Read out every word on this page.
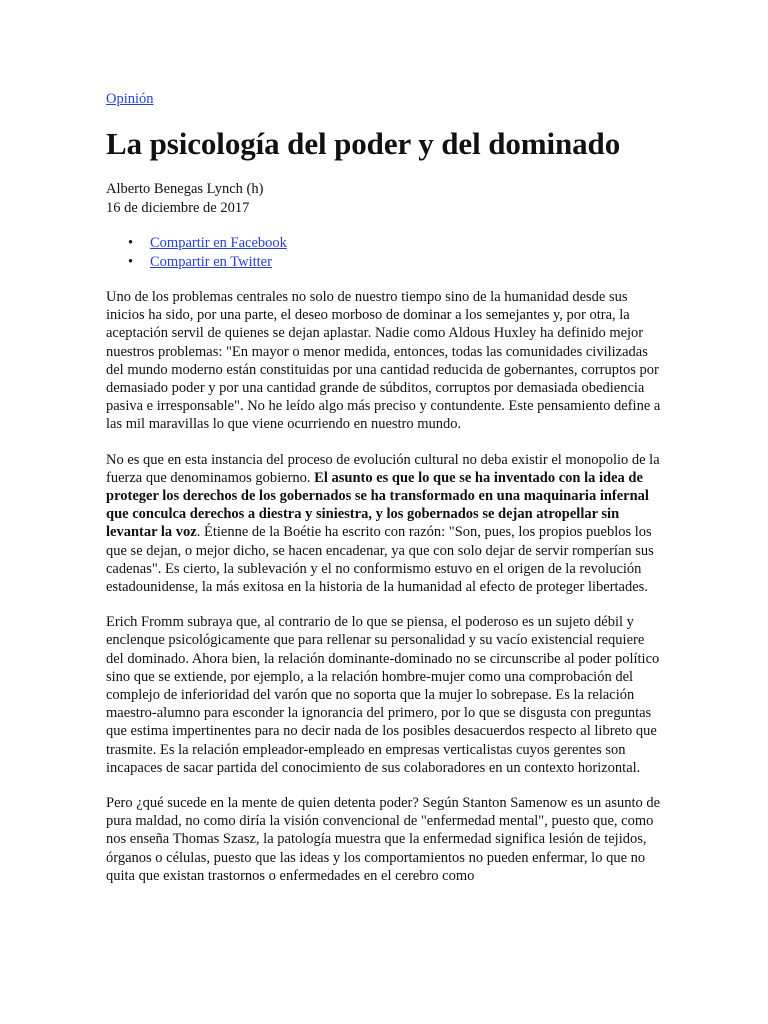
Opinión
La psicología del poder y del dominado
Alberto Benegas Lynch (h)
16 de diciembre de 2017
• Compartir en Facebook
• Compartir en Twitter

Uno de los problemas centrales no solo de nuestro tiempo sino de la humanidad desde sus inicios ha sido, por una parte, el deseo morboso de dominar a los semejantes y, por otra, la aceptación servil de quienes se dejan aplastar. Nadie como Aldous Huxley ha definido mejor nuestros problemas: "En mayor o menor medida, entonces, todas las comunidades civilizadas del mundo moderno están constituidas por una cantidad reducida de gobernantes, corruptos por demasiado poder y por una cantidad grande de súbditos, corruptos por demasiada obediencia pasiva e irresponsable". No he leído algo más preciso y contundente. Este pensamiento define a las mil maravillas lo que viene ocurriendo en nuestro mundo.

No es que en esta instancia del proceso de evolución cultural no deba existir el monopolio de la fuerza que denominamos gobierno. El asunto es que lo que se ha inventado con la idea de proteger los derechos de los gobernados se ha transformado en una maquinaria infernal que conculca derechos a diestra y siniestra, y los gobernados se dejan atropellar sin levantar la voz. Étienne de la Boétie ha escrito con razón: "Son, pues, los propios pueblos los que se dejan, o mejor dicho, se hacen encadenar, ya que con solo dejar de servir romperían sus cadenas". Es cierto, la sublevación y el no conformismo estuvo en el origen de la revolución estadounidense, la más exitosa en la historia de la humanidad al efecto de proteger libertades.

Erich Fromm subraya que, al contrario de lo que se piensa, el poderoso es un sujeto débil y enclenque psicológicamente que para rellenar su personalidad y su vacío existencial requiere del dominado. Ahora bien, la relación dominante-dominado no se circunscribe al poder político sino que se extiende, por ejemplo, a la relación hombre-mujer como una comprobación del complejo de inferioridad del varón que no soporta que la mujer lo sobrepase. Es la relación maestro-alumno para esconder la ignorancia del primero, por lo que se disgusta con preguntas que estima impertinentes para no decir nada de los posibles desacuerdos respecto al libreto que trasmite. Es la relación empleador-empleado en empresas verticalistas cuyos gerentes son incapaces de sacar partida del conocimiento de sus colaboradores en un contexto horizontal.

Pero ¿qué sucede en la mente de quien detenta poder? Según Stanton Samenow es un asunto de pura maldad, no como diría la visión convencional de "enfermedad mental", puesto que, como nos enseña Thomas Szasz, la patología muestra que la enfermedad significa lesión de tejidos, órganos o células, puesto que las ideas y los comportamientos no pueden enfermar, lo que no quita que existan trastornos o enfermedades en el cerebro como
